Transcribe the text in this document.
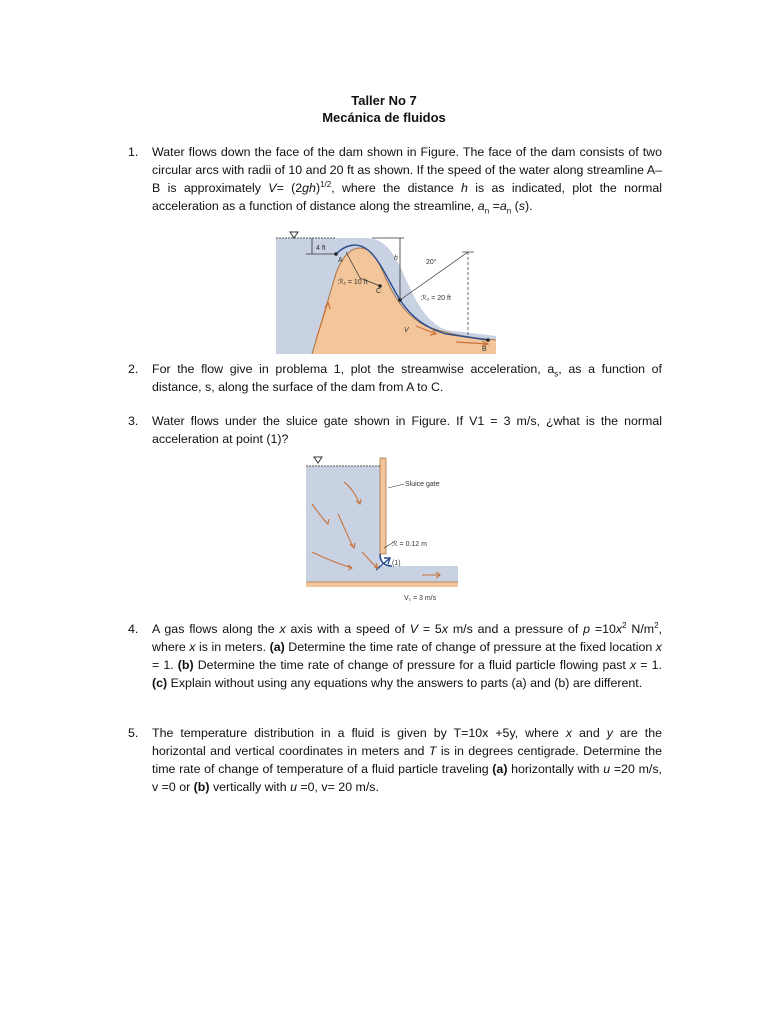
Taller No 7
Mecánica de fluidos
1. Water flows down the face of the dam shown in Figure. The face of the dam consists of two circular arcs with radii of 10 and 20 ft as shown. If the speed of the water along streamline A–B is approximately $V= (2gh)^{1/2}$, where the distance h is as indicated, plot the normal acceleration as a function of distance along the streamline, $a_n =a_n$ (s).
4 ft
A	h
20°
ℛ₁ = 10 ft
C
ℛ₂ = 20 ft
V
B
2. For the flow give in problema 1, plot the streamwise acceleration, $a_s$, as a function of distance, s, along the surface of the dam from A to C.
3. Water flows under the sluice gate shown in Figure. If V1 = 3 m/s, ¿what is the normal acceleration at point (1)?
Sluice gate
ℛ = 0.12 m
(1)
V₁ = 3 m/s
4. A gas flows along the x axis with a speed of V = 5x m/s and a pressure of $p =10x^2$ $N/m^2$, where x is in meters. (a) Determine the time rate of change of pressure at the fixed location x = 1. (b) Determine the time rate of change of pressure for a fluid particle flowing past x = 1. (c) Explain without using any equations why the answers to parts (a) and (b) are different.
5. The temperature distribution in a fluid is given by T=10x +5y, where x and y are the horizontal and vertical coordinates in meters and T is in degrees centigrade. Determine the time rate of change of temperature of a fluid particle traveling (a) horizontally with u =20 m/s, v =0 or (b) vertically with u =0, v= 20 m/s.
